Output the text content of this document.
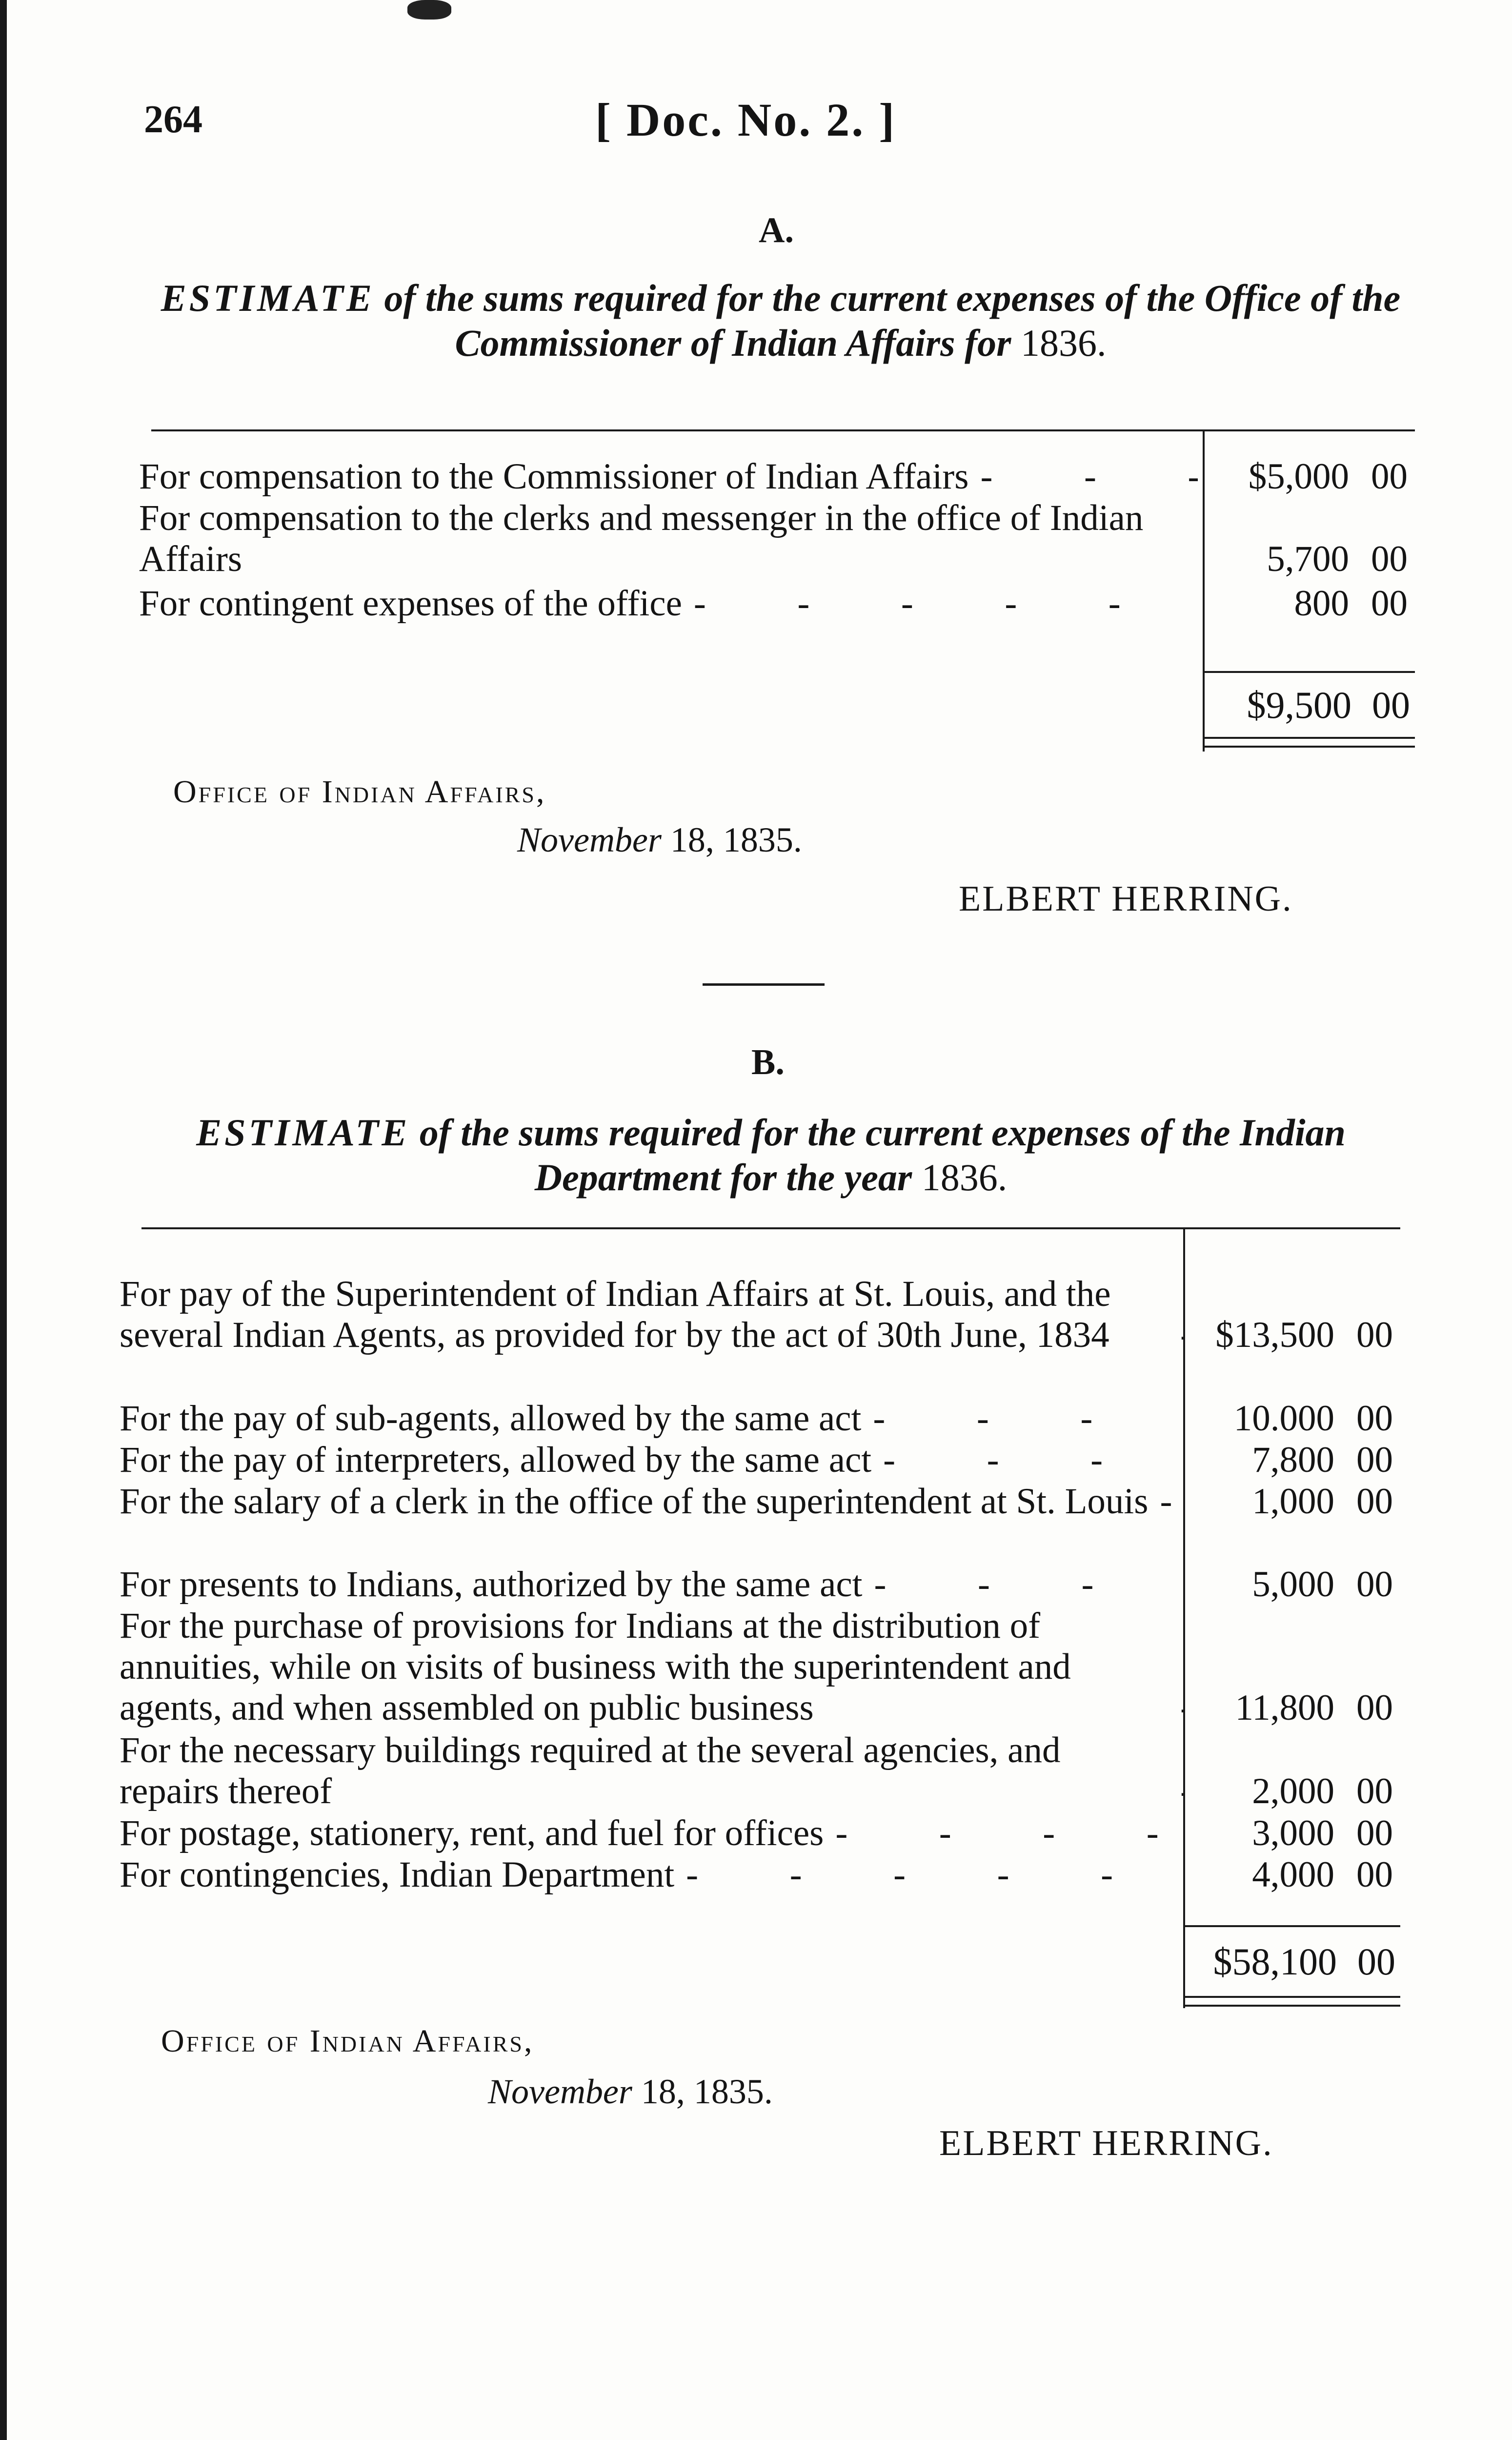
264	[ Doc. No. 2. ]
A.
ESTIMATE of the sums required for the current expenses of the Office of the Commissioner of Indian Affairs for 1836.
For compensation to the Commissioner of Indian Affairs -	$5,000 00
For compensation to the clerks and messenger in the office of Indian Affairs	5,700 00
For contingent expenses of the office -	800 00
$9,500 00
Office of Indian Affairs,
November 18, 1835.
ELBERT HERRING.
B.
ESTIMATE of the sums required for the current expenses of the Indian Department for the year 1836.
For pay of the Superintendent of Indian Affairs at St. Louis, and the several Indian Agents, as provided for by the act of 30th June, 1834 -	$13,500 00
For the pay of sub-agents, allowed by the same act -	10.000 00
For the pay of interpreters, allowed by the same act -	7,800 00
For the salary of a clerk in the office of the superintendent at St. Louis -	1,000 00
For presents to Indians, authorized by the same act -	5,000 00
For the purchase of provisions for Indians at the distribution of annuities, while on visits of business with the superintendent and agents, and when assembled on public business -	11,800 00
For the necessary buildings required at the several agencies, and repairs thereof -	2,000 00
For postage, stationery, rent, and fuel for offices -	3,000 00
For contingencies, Indian Department -	4,000 00
$58,100 00
Office of Indian Affairs,
November 18, 1835.
ELBERT HERRING.
